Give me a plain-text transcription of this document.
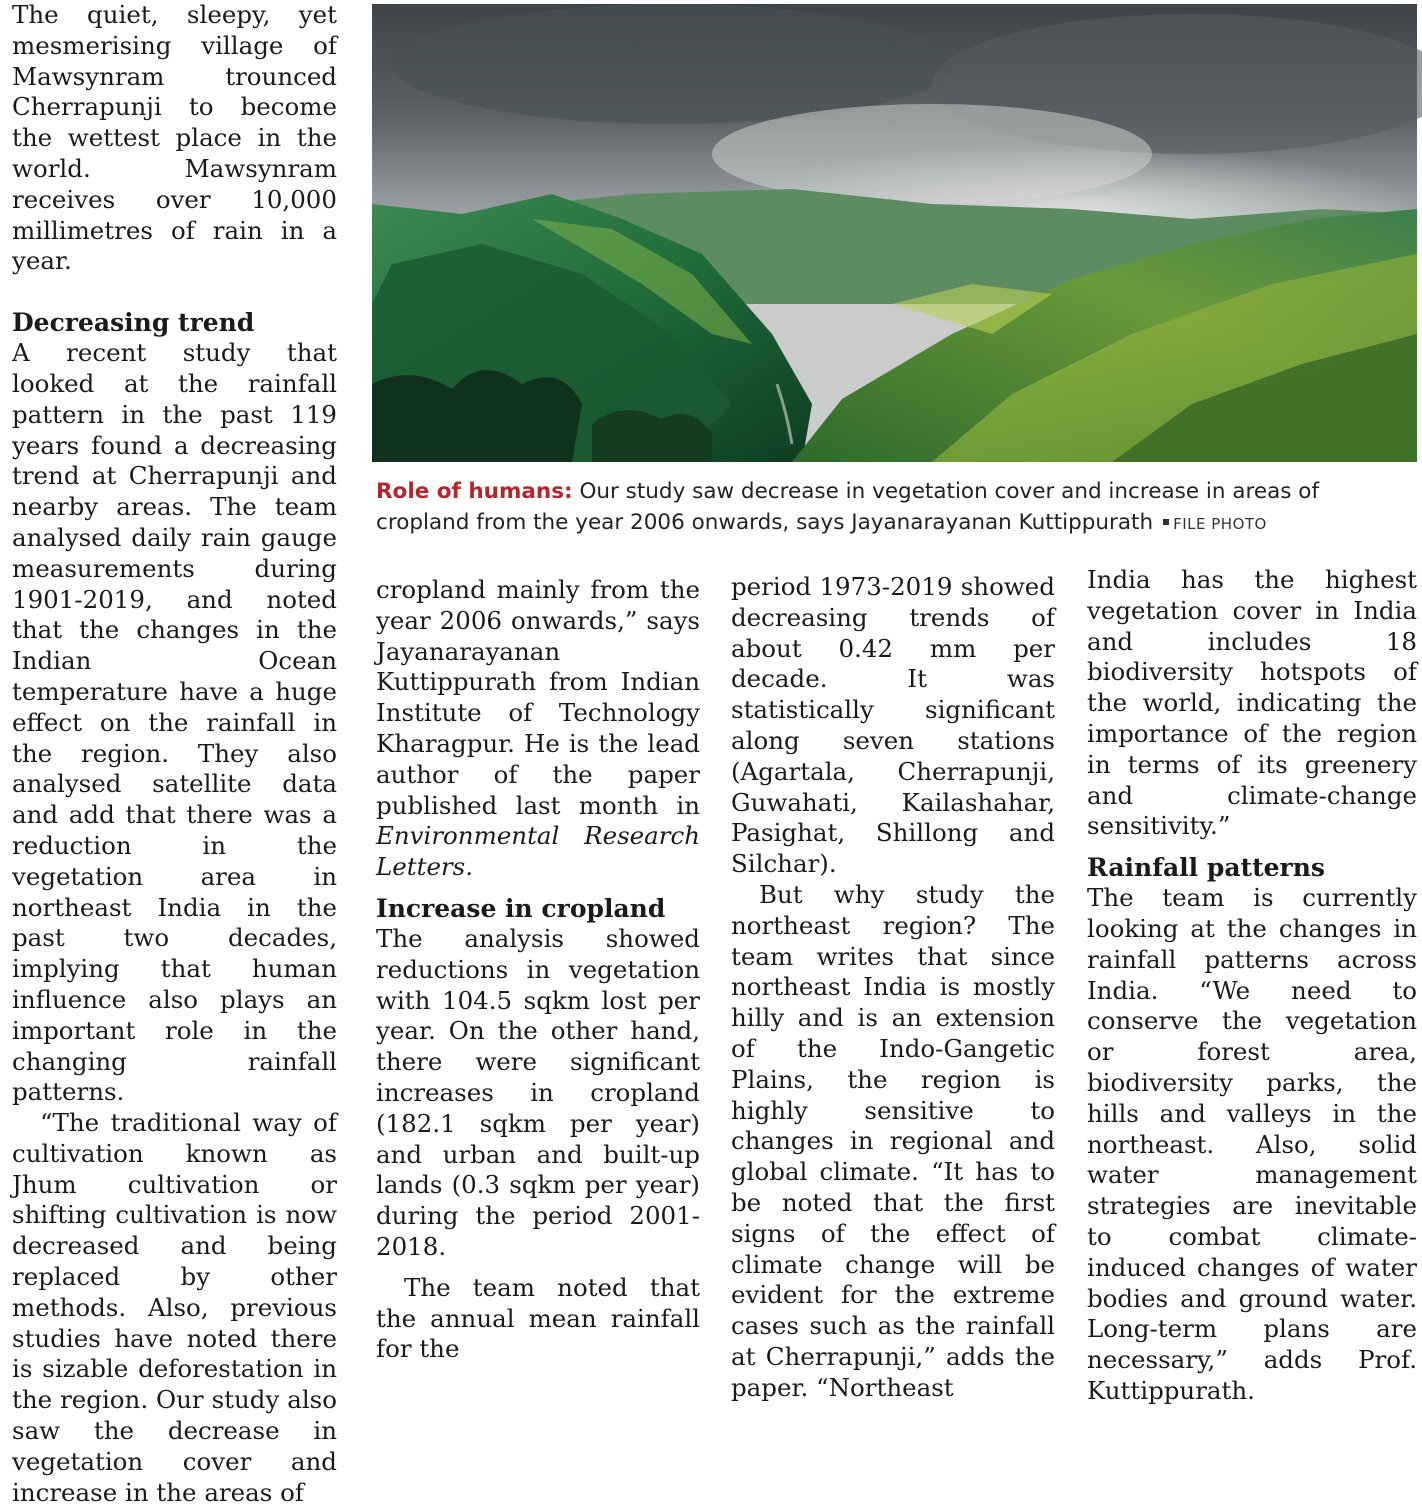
The quiet, sleepy, yet mesmerising village of Mawsynram trounced Cherrapunji to become the wettest place in the world. Mawsynram receives over 10,000 millimetres of rain in a year.

Decreasing trend

A recent study that looked at the rainfall pattern in the past 119 years found a decreasing trend at Cherrapunji and nearby areas. The team analysed daily rain gauge measurements during 1901-2019, and noted that the changes in the Indian Ocean temperature have a huge effect on the rainfall in the region. They also analysed satellite data and add that there was a reduction in the vegetation area in northeast India in the past two decades, implying that human influence also plays an important role in the changing rainfall patterns.

“The traditional way of cultivation known as Jhum cultivation or shifting cultivation is now decreased and being replaced by other methods. Also, previous studies have noted there is sizable deforestation in the region. Our study also saw the decrease in vegetation cover and increase in the areas of

Role of humans: Our study saw decrease in vegetation cover and increase in areas of cropland from the year 2006 onwards, says Jayanarayanan Kuttippurath FILE PHOTO

cropland mainly from the year 2006 onwards,” says Jayanarayanan Kuttippurath from Indian Institute of Technology Kharagpur. He is the lead author of the paper published last month in Environmental Research Letters.

Increase in cropland

The analysis showed reductions in vegetation with 104.5 sqkm lost per year. On the other hand, there were significant increases in cropland (182.1 sqkm per year) and urban and built-up lands (0.3 sqkm per year) during the period 2001-2018.

The team noted that the annual mean rainfall for the

period 1973-2019 showed decreasing trends of about 0.42 mm per decade. It was statistically significant along seven stations (Agartala, Cherrapunji, Guwahati, Kailashahar, Pasighat, Shillong and Silchar).

But why study the northeast region? The team writes that since northeast India is mostly hilly and is an extension of the Indo-Gangetic Plains, the region is highly sensitive to changes in regional and global climate. “It has to be noted that the first signs of the effect of climate change will be evident for the extreme cases such as the rainfall at Cherrapunji,” adds the paper. “Northeast

India has the highest vegetation cover in India and includes 18 biodiversity hotspots of the world, indicating the importance of the region in terms of its greenery and climate-change sensitivity.”

Rainfall patterns

The team is currently looking at the changes in rainfall patterns across India. “We need to conserve the vegetation or forest area, biodiversity parks, the hills and valleys in the northeast. Also, solid water management strategies are inevitable to combat climate-induced changes of water bodies and ground water. Long-term plans are necessary,” adds Prof. Kuttippurath.
